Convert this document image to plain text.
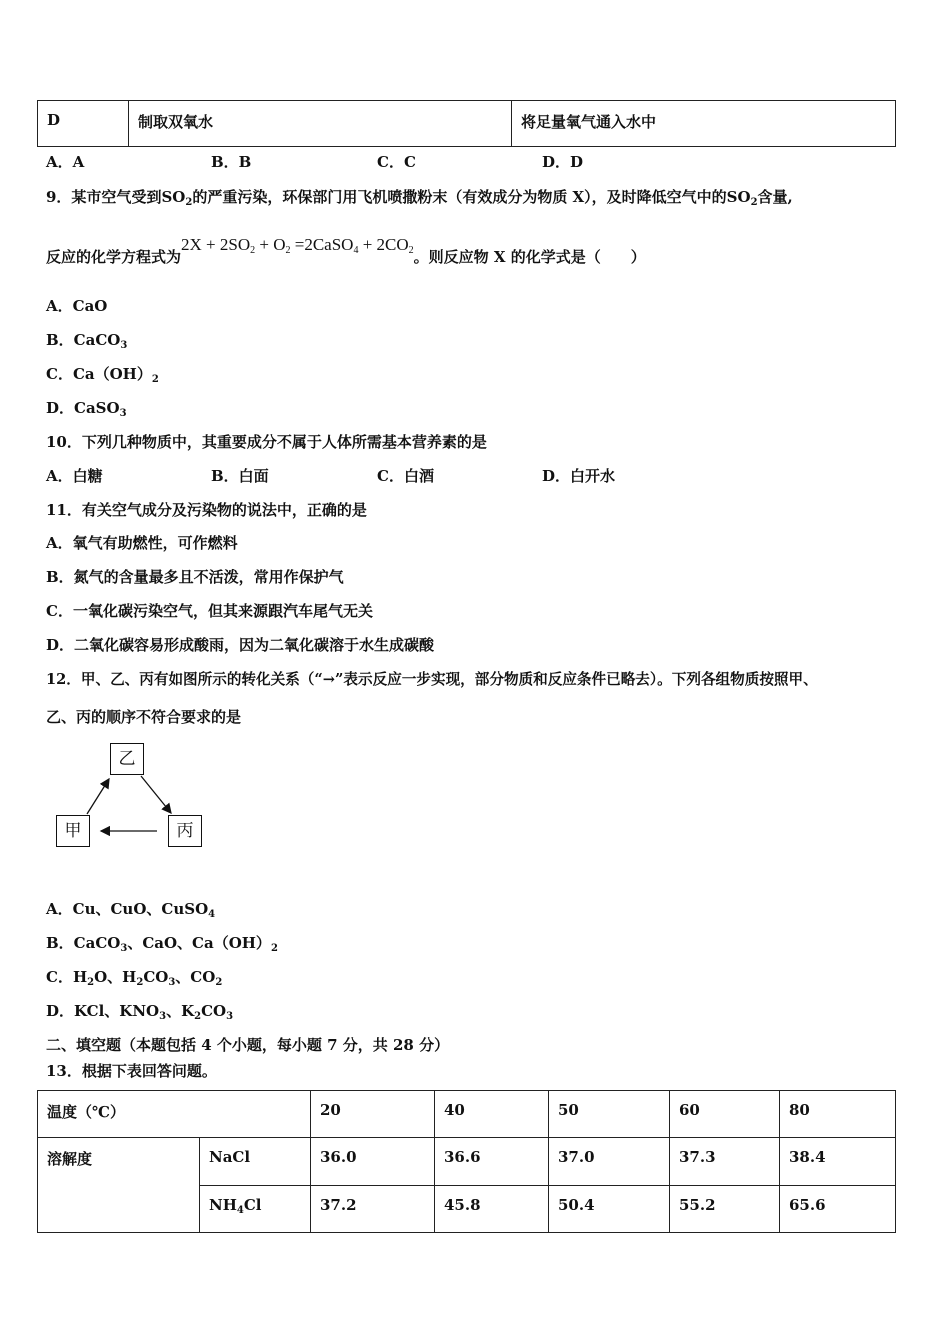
D	制取双氧水	将足量氧气通入水中
A．A	B．B	C．C	D．D
9．某市空气受到$SO_2$的严重污染，环保部门用飞机喷撒粉末（有效成分为物质 X），及时降低空气中的$SO_2$含量,
反应的化学方程式为$2X + 2SO_2 + O_2$ =2CaSO$_4$ + $2CO_2$。则反应物 X 的化学式是（　　）
A．CaO
B．CaCO$_3$
C．$Ca(OH)_2$
D．CaSO$_3$
10．下列几种物质中，其重要成分不属于人体所需基本营养素的是
A．白糖	B．白面	C．白酒	D．白开水
11．有关空气成分及污染物的说法中，正确的是
A．氧气有助燃性，可作燃料
B．氮气的含量最多且不活泼，常用作保护气
C．一氧化碳污染空气，但其来源跟汽车尾气无关
D．二氧化碳容易形成酸雨，因为二氧化碳溶于水生成碳酸
12．甲、乙、丙有如图所示的转化关系（“→”表示反应一步实现，部分物质和反应条件已略去）。下列各组物质按照甲、
乙、丙的顺序不符合要求的是
乙
甲	丙
A．Cu、CuO、CuSO$_4$
B．CaCO$_3$、CaO、$Ca(OH)_2$
C．$H_2O$、$H_2CO_3$、$CO_2$
D．KCl、$KNO_3$、$K_2CO_3$
二、填空题（本题包括 4 个小题，每小题 7 分，共 28 分）
13．根据下表回答问题。
温度（℃）		20	40	50	60	80
溶解度	NaCl	36.0	36.6	37.0	37.3	38.4
	$NH_4Cl$	37.2	45.8	50.4	55.2	65.6
